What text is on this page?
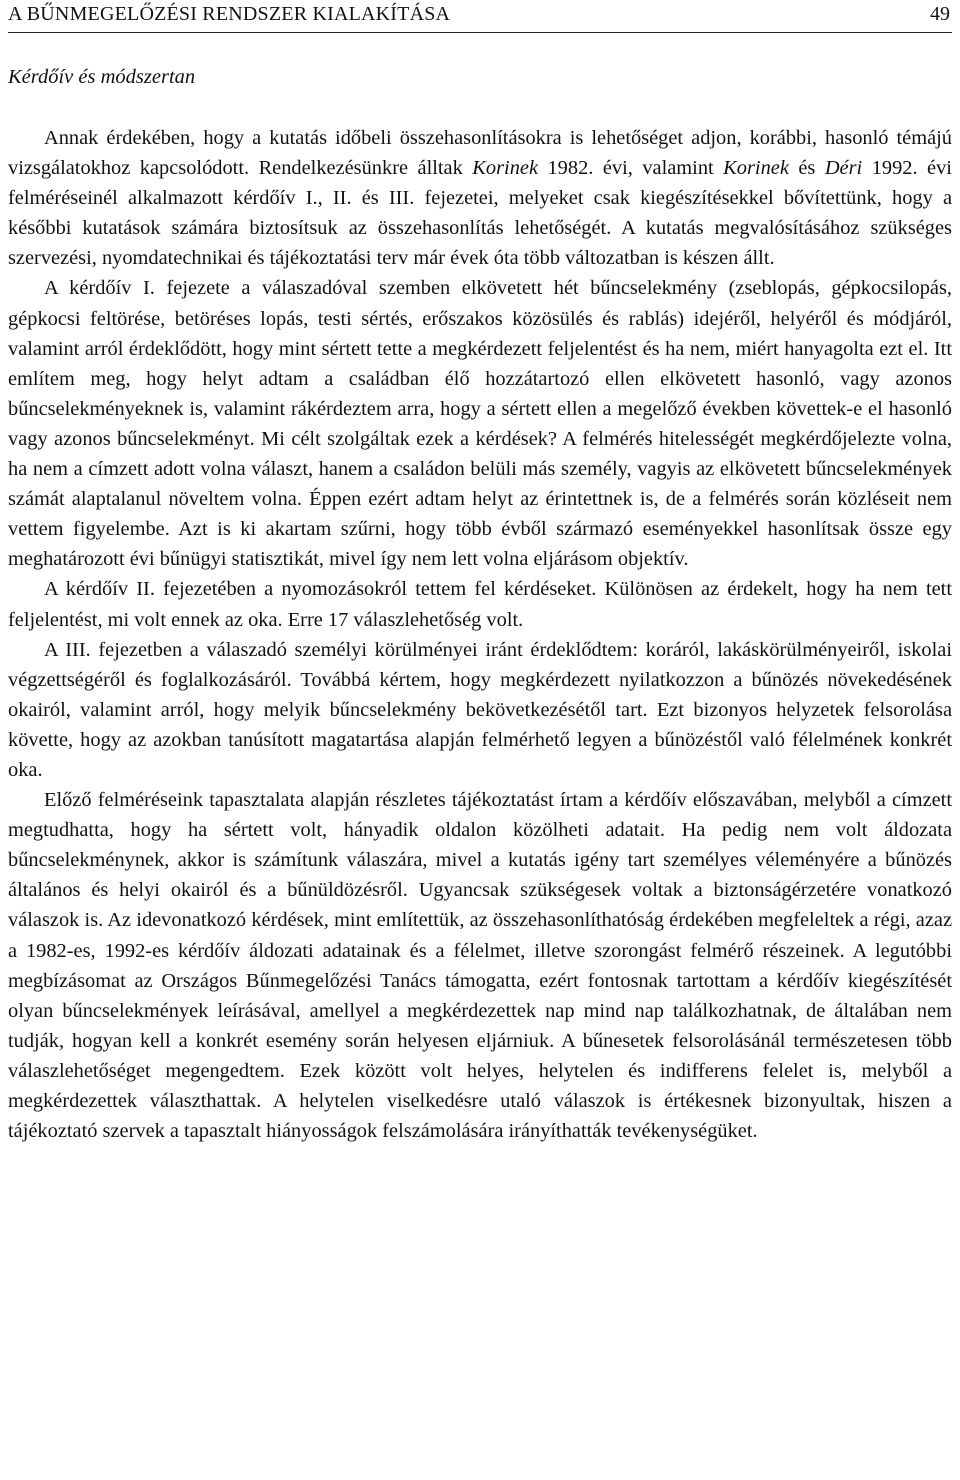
A BŰNMEGELŐZÉSI RENDSZER KIALAKÍTÁSA	49
Kérdőív és módszertan

Annak érdekében, hogy a kutatás időbeli összehasonlításokra is lehetőséget adjon, korábbi, hasonló témájú vizsgálatokhoz kapcsolódott. Rendelkezésünkre álltak Korinek 1982. évi, valamint Korinek és Déri 1992. évi felméréseinél alkalmazott kérdőív I., II. és III. fejezetei, melyeket csak kiegészítésekkel bővítettünk, hogy a későbbi kutatások számára biztosítsuk az összehasonlítás lehetőségét. A kutatás megvalósításához szükséges szervezési, nyomdatechnikai és tájékoztatási terv már évek óta több változatban is készen állt.

A kérdőív I. fejezete a válaszadóval szemben elkövetett hét bűncselekmény (zseblopás, gépkocsilopás, gépkocsi feltörése, betöréses lopás, testi sértés, erőszakos közösülés és rablás) idejéről, helyéről és módjáról, valamint arról érdeklődött, hogy mint sértett tette a megkérdezett feljelentést és ha nem, miért hanyagolta ezt el. Itt említem meg, hogy helyt adtam a családban élő hozzátartozó ellen elkövetett hasonló, vagy azonos bűncselekményeknek is, valamint rákérdeztem arra, hogy a sértett ellen a megelőző években követtek-e el hasonló vagy azonos bűncselekményt. Mi célt szolgáltak ezek a kérdések? A felmérés hitelességét megkérdőjelezte volna, ha nem a címzett adott volna választ, hanem a családon belüli más személy, vagyis az elkövetett bűncselekmények számát alaptalanul növeltem volna. Éppen ezért adtam helyt az érintettnek is, de a felmérés során közléseit nem vettem figyelembe. Azt is ki akartam szűrni, hogy több évből származó eseményekkel hasonlítsak össze egy meghatározott évi bűnügyi statisztikát, mivel így nem lett volna eljárásom objektív.

A kérdőív II. fejezetében a nyomozásokról tettem fel kérdéseket. Különösen az érdekelt, hogy ha nem tett feljelentést, mi volt ennek az oka. Erre 17 válaszlehetőség volt.

A III. fejezetben a válaszadó személyi körülményei iránt érdeklődtem: koráról, lakáskörülményeiről, iskolai végzettségéről és foglalkozásáról. Továbbá kértem, hogy megkérdezett nyilatkozzon a bűnözés növekedésének okairól, valamint arról, hogy melyik bűncselekmény bekövetkezésétől tart. Ezt bizonyos helyzetek felsorolása követte, hogy az azokban tanúsított magatartása alapján felmérhető legyen a bűnözéstől való félelmének konkrét oka.

Előző felméréseink tapasztalata alapján részletes tájékoztatást írtam a kérdőív előszavában, melyből a címzett megtudhatta, hogy ha sértett volt, hányadik oldalon közölheti adatait. Ha pedig nem volt áldozata bűncselekménynek, akkor is számítunk válaszára, mivel a kutatás igény tart személyes véleményére a bűnözés általános és helyi okairól és a bűnüldözésről. Ugyancsak szükségesek voltak a biztonságérzetére vonatkozó válaszok is. Az idevonatkozó kérdések, mint említettük, az összehasonlíthatóság érdekében megfeleltek a régi, azaz a 1982-es, 1992-es kérdőív áldozati adatainak és a félelmet, illetve szorongást felmérő részeinek. A legutóbbi megbízásomat az Országos Bűnmegelőzési Tanács támogatta, ezért fontosnak tartottam a kérdőív kiegészítését olyan bűncselekmények leírásával, amellyel a megkérdezettek nap mind nap találkozhatnak, de általában nem tudják, hogyan kell a konkrét esemény során helyesen eljárniuk. A bűnesetek felsorolásánál természetesen több válaszlehetőséget megengedtem. Ezek között volt helyes, helytelen és indifferens felelet is, melyből a megkérdezettek választhattak. A helytelen viselkedésre utaló válaszok is értékesnek bizonyultak, hiszen a tájékoztató szervek a tapasztalt hiányosságok felszámolására irányíthatták tevékenységüket.
